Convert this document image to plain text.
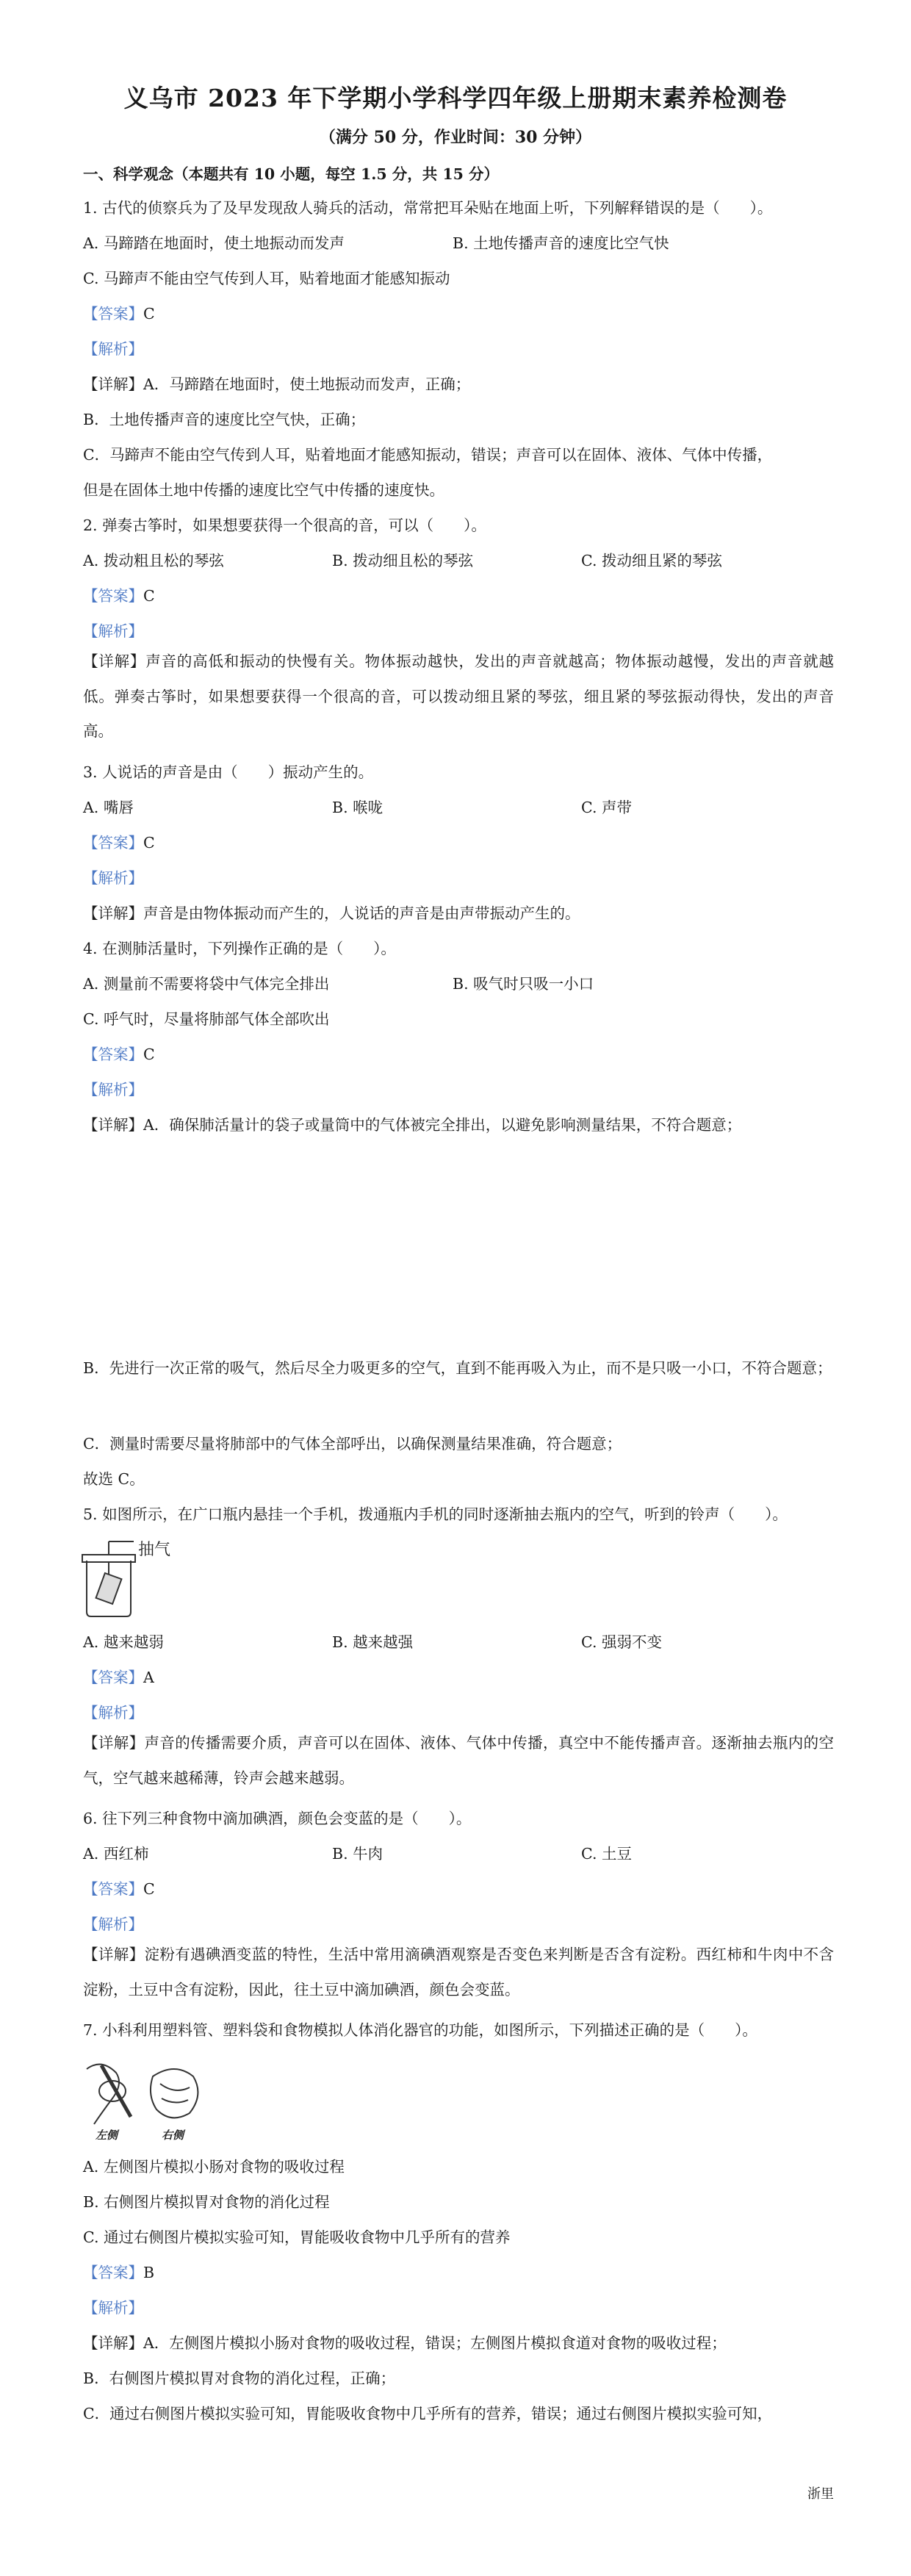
义乌市 2023 年下学期小学科学四年级上册期末素养检测卷
（满分 50 分，作业时间：30 分钟）
一、科学观念（本题共有 10 小题，每空 1.5 分，共 15 分）
1. 古代的侦察兵为了及早发现敌人骑兵的活动，常常把耳朵贴在地面上听，下列解释错误的是（　　）。
A. 马蹄踏在地面时，使土地振动而发声	B. 土地传播声音的速度比空气快
C. 马蹄声不能由空气传到人耳，贴着地面才能感知振动
【答案】C
【解析】
【详解】A．马蹄踏在地面时，使土地振动而发声，正确；
B．土地传播声音的速度比空气快，正确；
C．马蹄声不能由空气传到人耳，贴着地面才能感知振动，错误；声音可以在固体、液体、气体中传播，
但是在固体土地中传播的速度比空气中传播的速度快。
2. 弹奏古筝时，如果想要获得一个很高的音，可以（　　）。
A. 拨动粗且松的琴弦	B. 拨动细且松的琴弦	C. 拨动细且紧的琴弦
【答案】C
【解析】
【详解】声音的高低和振动的快慢有关。物体振动越快，发出的声音就越高；物体振动越慢，发出的声音就越低。弹奏古筝时，如果想要获得一个很高的音，可以拨动细且紧的琴弦，细且紧的琴弦振动得快，发出的声音高。
3. 人说话的声音是由（　　）振动产生的。
A. 嘴唇	B. 喉咙	C. 声带
【答案】C
【解析】
【详解】声音是由物体振动而产生的，人说话的声音是由声带振动产生的。
4. 在测肺活量时，下列操作正确的是（　　）。
A. 测量前不需要将袋中气体完全排出	B. 吸气时只吸一小口
C. 呼气时，尽量将肺部气体全部吹出
【答案】C
【解析】
【详解】A．确保肺活量计的袋子或量筒中的气体被完全排出，以避免影响测量结果，不符合题意；
B．先进行一次正常的吸气，然后尽全力吸更多的空气，直到不能再吸入为止，而不是只吸一小口，不符合题意；
C．测量时需要尽量将肺部中的气体全部呼出，以确保测量结果准确，符合题意；
故选 C。
5. 如图所示，在广口瓶内悬挂一个手机，拨通瓶内手机的同时逐渐抽去瓶内的空气，听到的铃声（　　）。
抽气
A. 越来越弱	B. 越来越强	C. 强弱不变
【答案】A
【解析】
【详解】声音的传播需要介质，声音可以在固体、液体、气体中传播，真空中不能传播声音。逐渐抽去瓶内的空气，空气越来越稀薄，铃声会越来越弱。
6. 往下列三种食物中滴加碘酒，颜色会变蓝的是（　　）。
A. 西红柿	B. 牛肉	C. 土豆
【答案】C
【解析】
【详解】淀粉有遇碘酒变蓝的特性，生活中常用滴碘酒观察是否变色来判断是否含有淀粉。西红柿和牛肉中不含淀粉，土豆中含有淀粉，因此，往土豆中滴加碘酒，颜色会变蓝。
7. 小科利用塑料管、塑料袋和食物模拟人体消化器官的功能，如图所示，下列描述正确的是（　　）。
左侧	右侧
A. 左侧图片模拟小肠对食物的吸收过程
B. 右侧图片模拟胃对食物的消化过程
C. 通过右侧图片模拟实验可知，胃能吸收食物中几乎所有的营养
【答案】B
【解析】
【详解】A．左侧图片模拟小肠对食物的吸收过程，错误；左侧图片模拟食道对食物的吸收过程；
B．右侧图片模拟胃对食物的消化过程，正确；
C．通过右侧图片模拟实验可知，胃能吸收食物中几乎所有的营养，错误；通过右侧图片模拟实验可知，
浙里
